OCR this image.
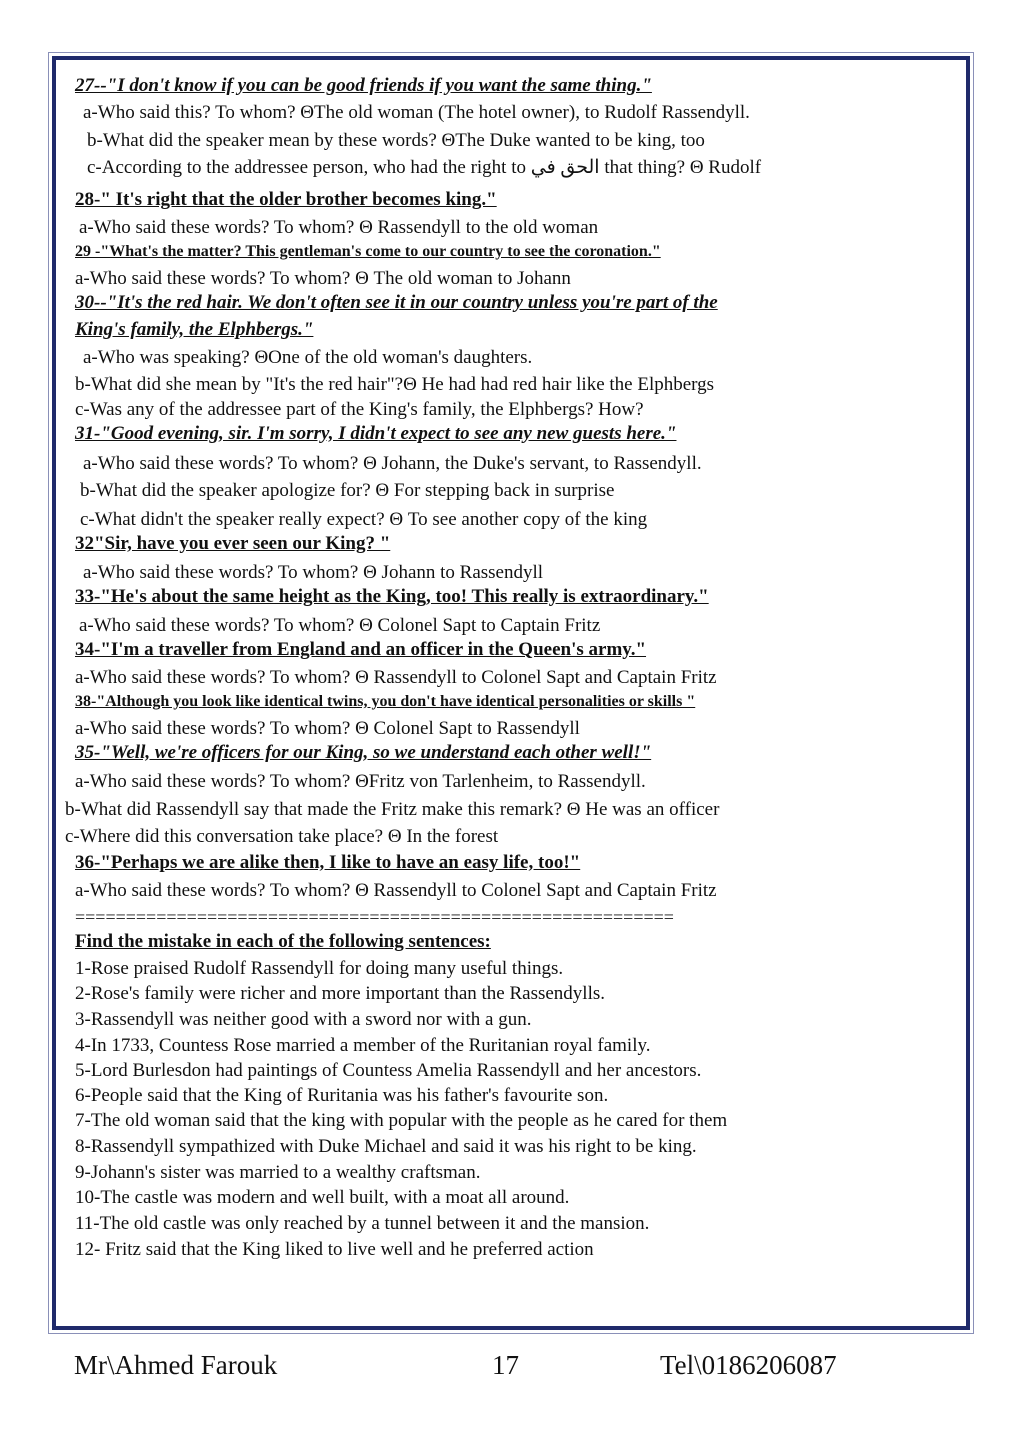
27--"I don't know if you can be good friends if you want the same thing."
a-Who said this? To whom? ΘThe old woman (The hotel owner), to Rudolf Rassendyll.
b-What did the speaker mean by these words? ΘThe Duke wanted to be king, too
c-According to the addressee person, who had the right to الحق في that thing? Θ Rudolf
28-" It's right that the older brother becomes king."
a-Who said these words? To whom? Θ Rassendyll to the old woman
29 -"What's the matter? This gentleman's come to our country to see the coronation."
a-Who said these words? To whom? Θ The old woman to Johann
30--"It's the red hair. We don't often see it in our country unless you're part of the
King's family, the Elphbergs."
a-Who was speaking? ΘOne of the old woman's daughters.
b-What did she mean by "It's the red hair"?Θ He had had red hair like the Elphbergs
c-Was any of the addressee part of the King's family, the Elphbergs? How?
31-"Good evening, sir. I'm sorry, I didn't expect to see any new guests here."
a-Who said these words? To whom? Θ Johann, the Duke's servant, to Rassendyll.
b-What did the speaker apologize for? Θ For stepping back in surprise
c-What didn't the speaker really expect? Θ To see another copy of the king
32"Sir, have you ever seen our King? "
a-Who said these words? To whom? Θ Johann to Rassendyll
33-"He's about the same height as the King, too! This really is extraordinary."
a-Who said these words? To whom? Θ Colonel Sapt to Captain Fritz
34-"I'm a traveller from England and an officer in the Queen's army."
a-Who said these words? To whom? Θ Rassendyll to Colonel Sapt and Captain Fritz
38-"Although you look like identical twins, you don't have identical personalities or skills "
a-Who said these words? To whom? Θ Colonel Sapt to Rassendyll
35-"Well, we're officers for our King, so we understand each other well!"
a-Who said these words? To whom? ΘFritz von Tarlenheim, to Rassendyll.
b-What did Rassendyll say that made the Fritz make this remark? Θ He was an officer
c-Where did this conversation take place? Θ In the forest
36-"Perhaps we are alike then, I like to have an easy life, too!"
a-Who said these words? To whom? Θ Rassendyll to Colonel Sapt and Captain Fritz
===========================================================
Find the mistake in each of the following sentences:
1-Rose praised Rudolf Rassendyll for doing many useful things.
2-Rose's family were richer and more important than the Rassendylls.
3-Rassendyll was neither good with a sword nor with a gun.
4-In 1733, Countess Rose married a member of the Ruritanian royal family.
5-Lord Burlesdon had paintings of Countess Amelia Rassendyll and her ancestors.
6-People said that the King of Ruritania was his father's favourite son.
7-The old woman said that the king with popular with the people as he cared for them
8-Rassendyll sympathized with Duke Michael and said it was his right to be king.
9-Johann's sister was married to a wealthy craftsman.
10-The castle was modern and well built, with a moat all around.
11-The old castle was only reached by a tunnel between it and the mansion.
12- Fritz said that the King liked to live well and he preferred action
Mr\Ahmed Farouk	17	Tel\0186206087
